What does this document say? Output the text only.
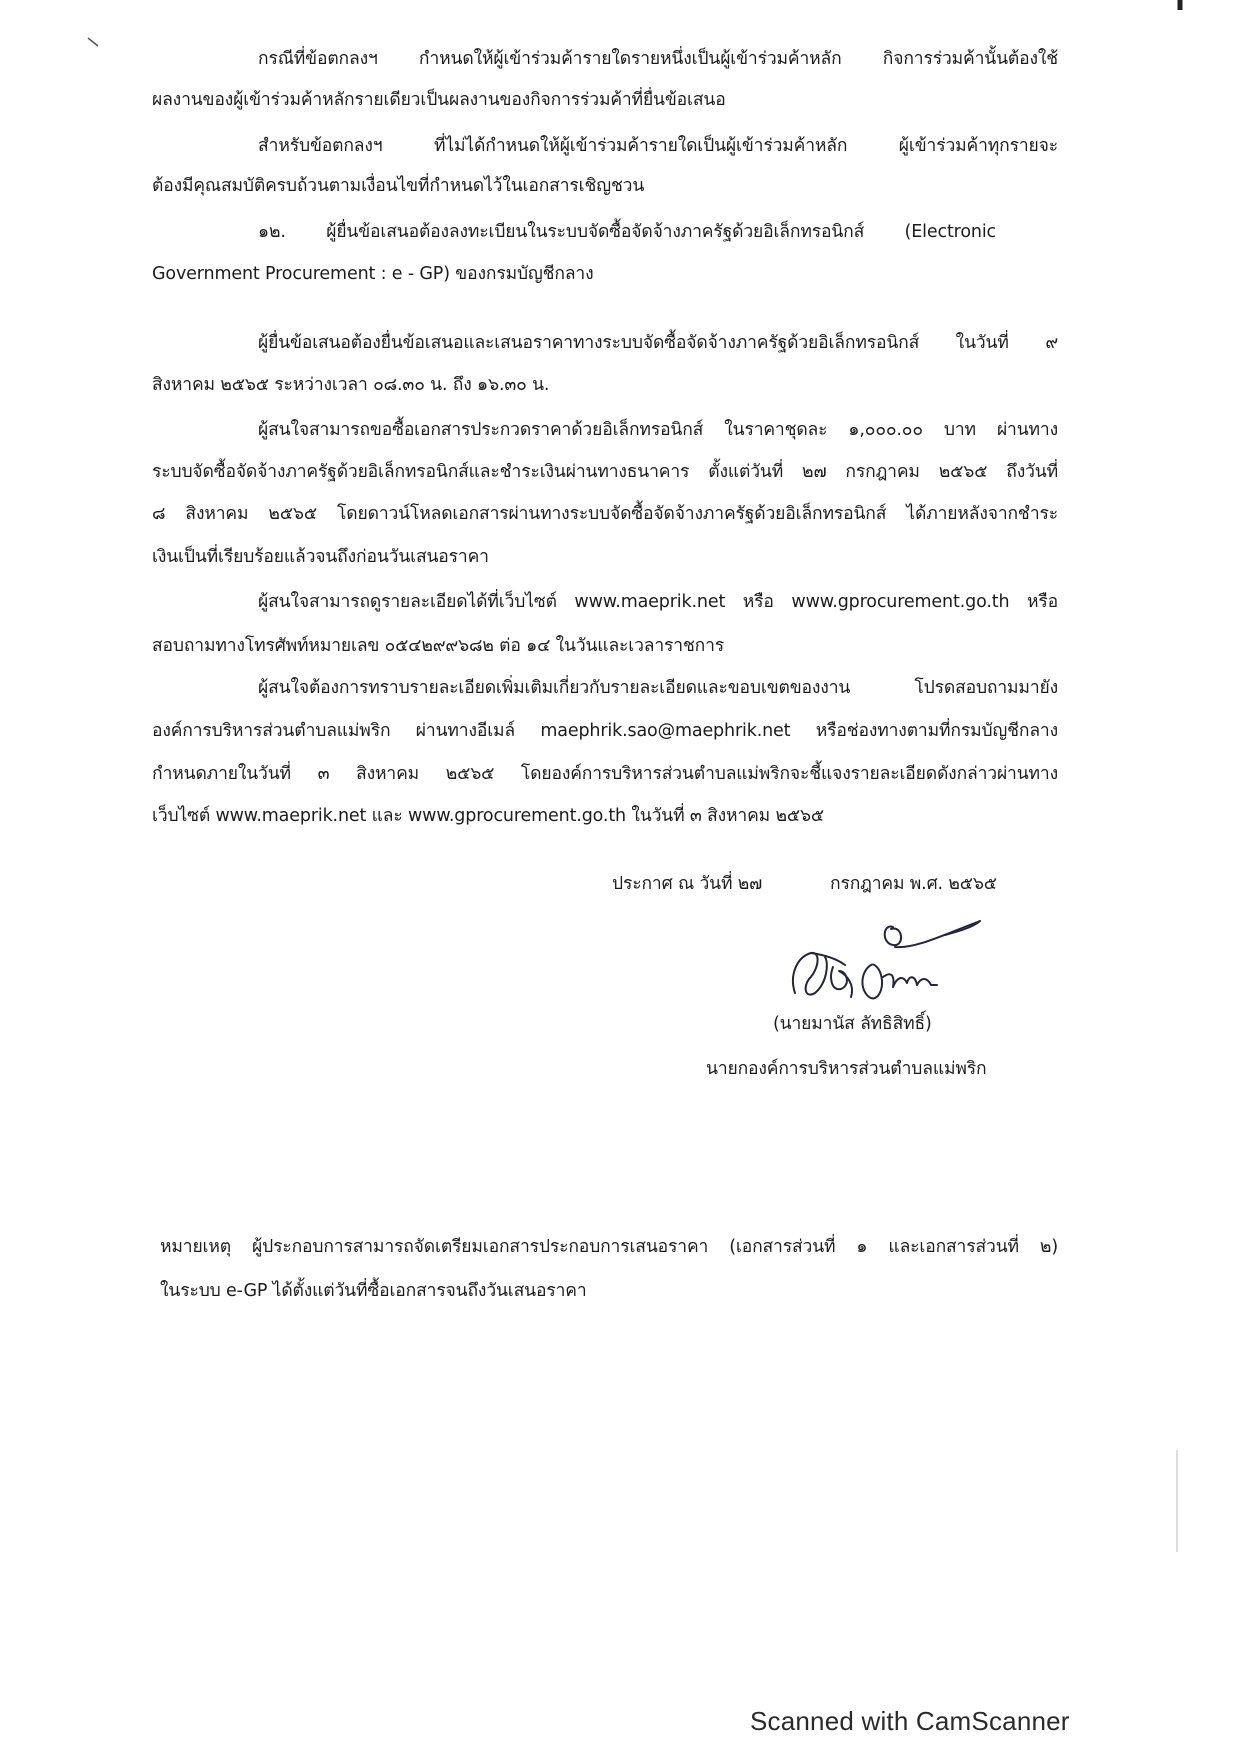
กรณีที่ข้อตกลงฯ กำหนดให้ผู้เข้าร่วมค้ารายใดรายหนึ่งเป็นผู้เข้าร่วมค้าหลัก กิจการร่วมค้านั้นต้องใช้
ผลงานของผู้เข้าร่วมค้าหลักรายเดียวเป็นผลงานของกิจการร่วมค้าที่ยื่นข้อเสนอ
สำหรับข้อตกลงฯ ที่ไม่ได้กำหนดให้ผู้เข้าร่วมค้ารายใดเป็นผู้เข้าร่วมค้าหลัก ผู้เข้าร่วมค้าทุกรายจะ
ต้องมีคุณสมบัติครบถ้วนตามเงื่อนไขที่กำหนดไว้ในเอกสารเชิญชวน
๑๒. ผู้ยื่นข้อเสนอต้องลงทะเบียนในระบบจัดซื้อจัดจ้างภาครัฐด้วยอิเล็กทรอนิกส์ (Electronic
Government Procurement : e - GP) ของกรมบัญชีกลาง
ผู้ยื่นข้อเสนอต้องยื่นข้อเสนอและเสนอราคาทางระบบจัดซื้อจัดจ้างภาครัฐด้วยอิเล็กทรอนิกส์ ในวันที่ ๙
สิงหาคม ๒๕๖๕ ระหว่างเวลา ๐๘.๓๐ น. ถึง ๑๖.๓๐ น.
ผู้สนใจสามารถขอซื้อเอกสารประกวดราคาด้วยอิเล็กทรอนิกส์ ในราคาชุดละ ๑,๐๐๐.๐๐ บาท ผ่านทาง
ระบบจัดซื้อจัดจ้างภาครัฐด้วยอิเล็กทรอนิกส์และชำระเงินผ่านทางธนาคาร ตั้งแต่วันที่ ๒๗ กรกฎาคม ๒๕๖๕ ถึงวันที่
๘ สิงหาคม ๒๕๖๕ โดยดาวน์โหลดเอกสารผ่านทางระบบจัดซื้อจัดจ้างภาครัฐด้วยอิเล็กทรอนิกส์ ได้ภายหลังจากชำระ
เงินเป็นที่เรียบร้อยแล้วจนถึงก่อนวันเสนอราคา
ผู้สนใจสามารถดูรายละเอียดได้ที่เว็บไซต์ www.maeprik.net หรือ www.gprocurement.go.th หรือ
สอบถามทางโทรศัพท์หมายเลข ๐๕๔๒๙๙๖๘๒ ต่อ ๑๔ ในวันและเวลาราชการ
ผู้สนใจต้องการทราบรายละเอียดเพิ่มเติมเกี่ยวกับรายละเอียดและขอบเขตของงาน โปรดสอบถามมายัง
องค์การบริหารส่วนตำบลแม่พริก ผ่านทางอีเมล์ maephrik.sao@maephrik.net หรือช่องทางตามที่กรมบัญชีกลาง
กำหนดภายในวันที่ ๓ สิงหาคม ๒๕๖๕ โดยองค์การบริหารส่วนตำบลแม่พริกจะชี้แจงรายละเอียดดังกล่าวผ่านทาง
เว็บไซต์ www.maeprik.net และ www.gprocurement.go.th ในวันที่ ๓ สิงหาคม ๒๕๖๕
ประกาศ ณ วันที่ ๒๗	กรกฎาคม พ.ศ. ๒๕๖๕
(นายมานัส ลัทธิสิทธิ์)
นายกองค์การบริหารส่วนตำบลแม่พริก
หมายเหตุ ผู้ประกอบการสามารถจัดเตรียมเอกสารประกอบการเสนอราคา (เอกสารส่วนที่ ๑ และเอกสารส่วนที่ ๒)
ในระบบ e-GP ได้ตั้งแต่วันที่ซื้อเอกสารจนถึงวันเสนอราคา
Scanned with CamScanner
